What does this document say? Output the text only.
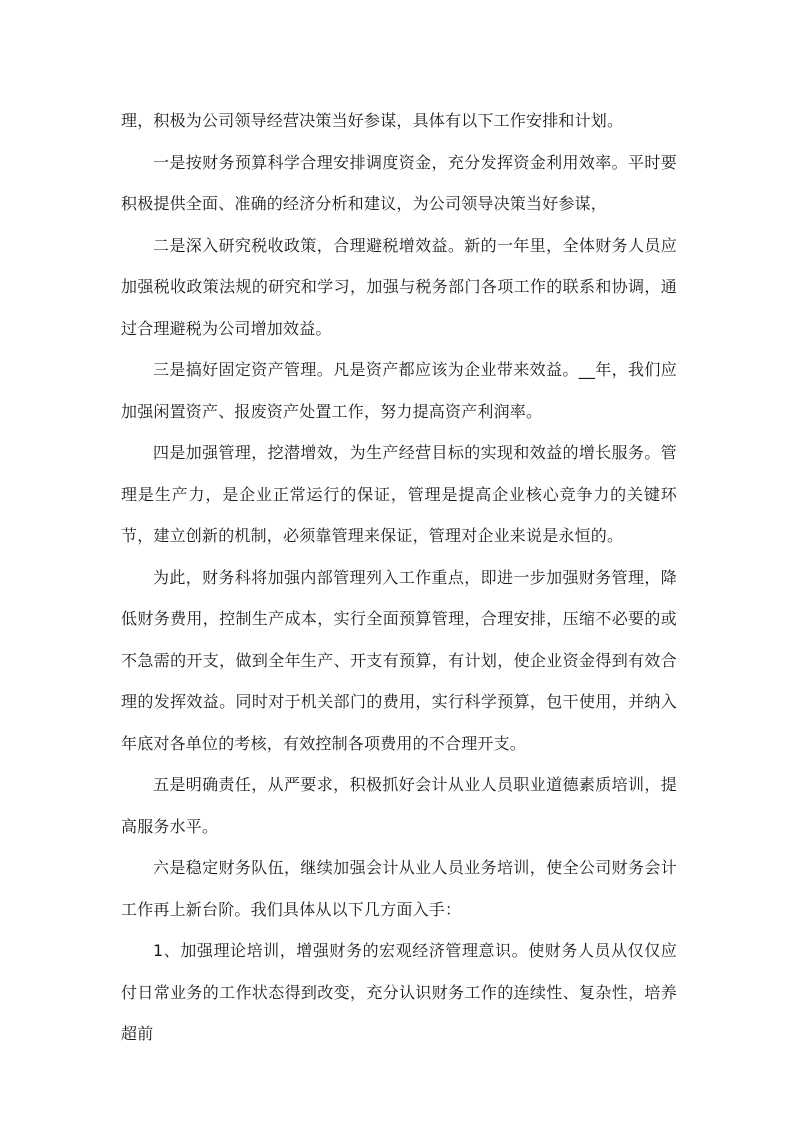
理，积极为公司领导经营决策当好参谋，具体有以下工作安排和计划。

一是按财务预算科学合理安排调度资金，充分发挥资金利用效率。平时要积极提供全面、准确的经济分析和建议，为公司领导决策当好参谋，

二是深入研究税收政策，合理避税增效益。新的一年里，全体财务人员应加强税收政策法规的研究和学习，加强与税务部门各项工作的联系和协调，通过合理避税为公司增加效益。

三是搞好固定资产管理。凡是资产都应该为企业带来效益。__年，我们应加强闲置资产、报废资产处置工作，努力提高资产利润率。

四是加强管理，挖潜增效，为生产经营目标的实现和效益的增长服务。管理是生产力，是企业正常运行的保证，管理是提高企业核心竞争力的关键环节，建立创新的机制，必须靠管理来保证，管理对企业来说是永恒的。

为此，财务科将加强内部管理列入工作重点，即进一步加强财务管理，降低财务费用，控制生产成本，实行全面预算管理，合理安排，压缩不必要的或不急需的开支，做到全年生产、开支有预算，有计划，使企业资金得到有效合理的发挥效益。同时对于机关部门的费用，实行科学预算，包干使用，并纳入年底对各单位的考核，有效控制各项费用的不合理开支。

五是明确责任，从严要求，积极抓好会计从业人员职业道德素质培训，提高服务水平。

六是稳定财务队伍，继续加强会计从业人员业务培训，使全公司财务会计工作再上新台阶。我们具体从以下几方面入手：

1、加强理论培训，增强财务的宏观经济管理意识。使财务人员从仅仅应付日常业务的工作状态得到改变，充分认识财务工作的连续性、复杂性，培养超前
